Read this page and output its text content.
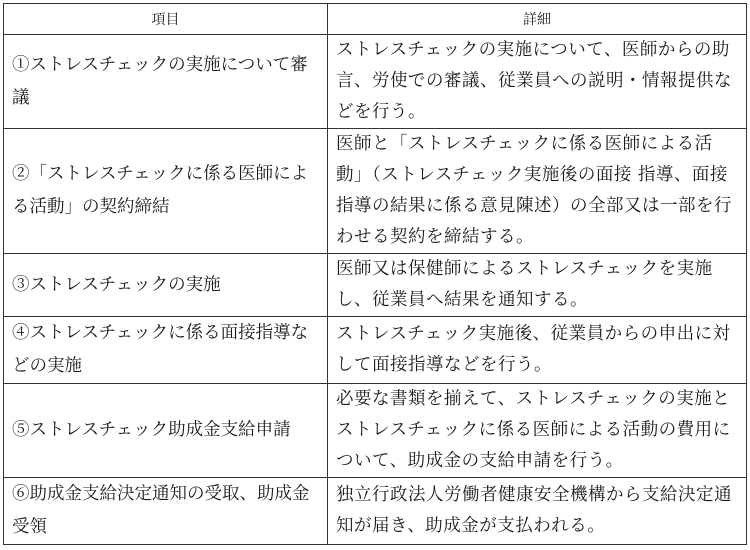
項目	詳細
①ストレスチェックの実施について審議	ストレスチェックの実施について、医師からの助言、労使での審議、従業員への説明・情報提供などを行う。
②「ストレスチェックに係る医師による活動」の契約締結	医師と「ストレスチェックに係る医師による活動」（ストレスチェック実施後の面接 指導、面接指導の結果に係る意見陳述）の全部又は一部を行わせる契約を締結する。
③ストレスチェックの実施	医師又は保健師によるストレスチェックを実施し、従業員へ結果を通知する。
④ストレスチェックに係る面接指導などの実施	ストレスチェック実施後、従業員からの申出に対して面接指導などを行う。
⑤ストレスチェック助成金支給申請	必要な書類を揃えて、ストレスチェックの実施とストレスチェックに係る医師による活動の費用について、助成金の支給申請を行う。
⑥助成金支給決定通知の受取、助成金受領	独立行政法人労働者健康安全機構から支給決定通知が届き、助成金が支払われる。
